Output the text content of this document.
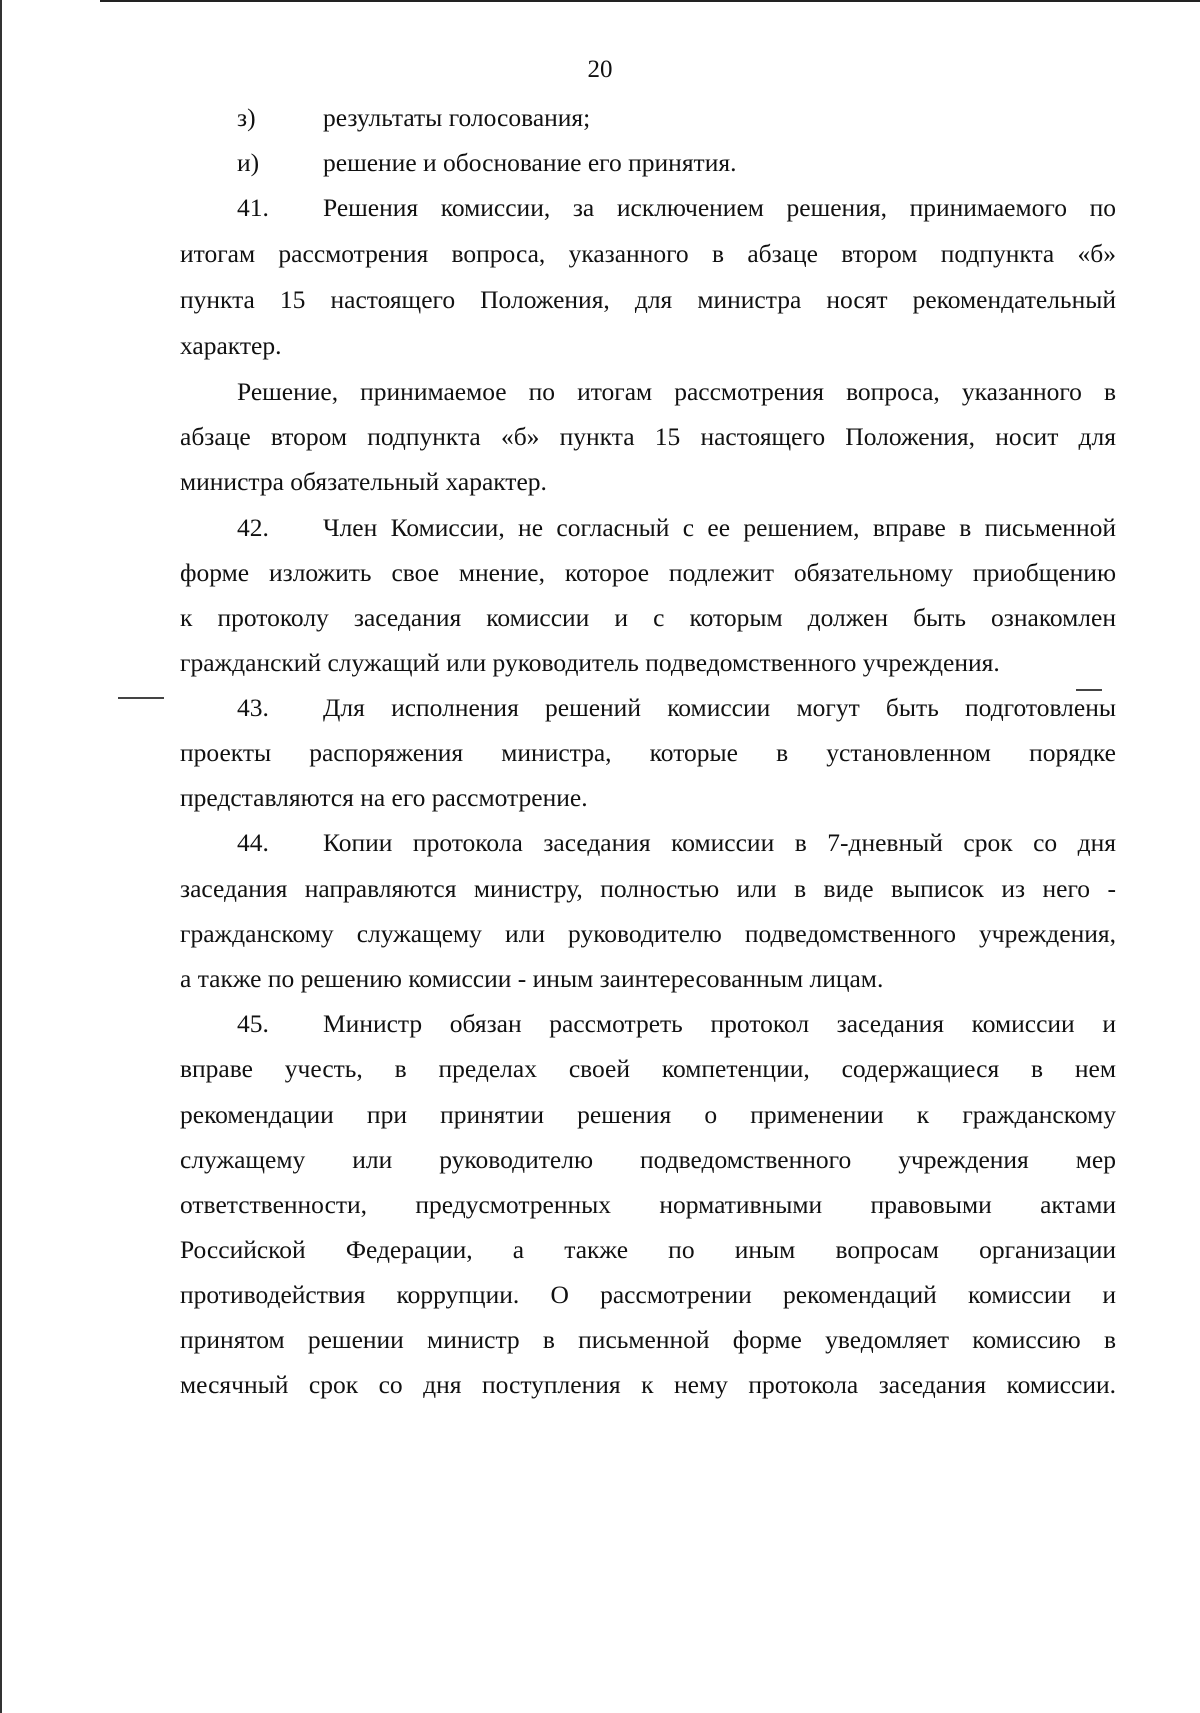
20
з)	результаты голосования;
и)	решение и обоснование его принятия.
41. Решения комиссии, за исключением решения, принимаемого по
итогам рассмотрения вопроса, указанного в абзаце втором подпункта «б»
пункта 15 настоящего Положения, для министра носят рекомендательный
характер.
Решение, принимаемое по итогам рассмотрения вопроса, указанного в
абзаце втором подпункта «б» пункта 15 настоящего Положения, носит для
министра обязательный характер.
42. Член Комиссии, не согласный с ее решением, вправе в письменной
форме изложить свое мнение, которое подлежит обязательному приобщению
к протоколу заседания комиссии и с которым должен быть ознакомлен
гражданский служащий или руководитель подведомственного учреждения.
43. Для исполнения решений комиссии могут быть подготовлены
проекты распоряжения министра, которые в установленном порядке
представляются на его рассмотрение.
44. Копии протокола заседания комиссии в 7-дневный срок со дня
заседания направляются министру, полностью или в виде выписок из него -
гражданскому служащему или руководителю подведомственного учреждения,
а также по решению комиссии - иным заинтересованным лицам.
45. Министр обязан рассмотреть протокол заседания комиссии и
вправе учесть, в пределах своей компетенции, содержащиеся в нем
рекомендации при принятии решения о применении к гражданскому
служащему или руководителю подведомственного учреждения мер
ответственности, предусмотренных нормативными правовыми актами
Российской Федерации, а также по иным вопросам организации
противодействия коррупции. О рассмотрении рекомендаций комиссии и
принятом решении министр в письменной форме уведомляет комиссию в
месячный срок со дня поступления к нему протокола заседания комиссии.
